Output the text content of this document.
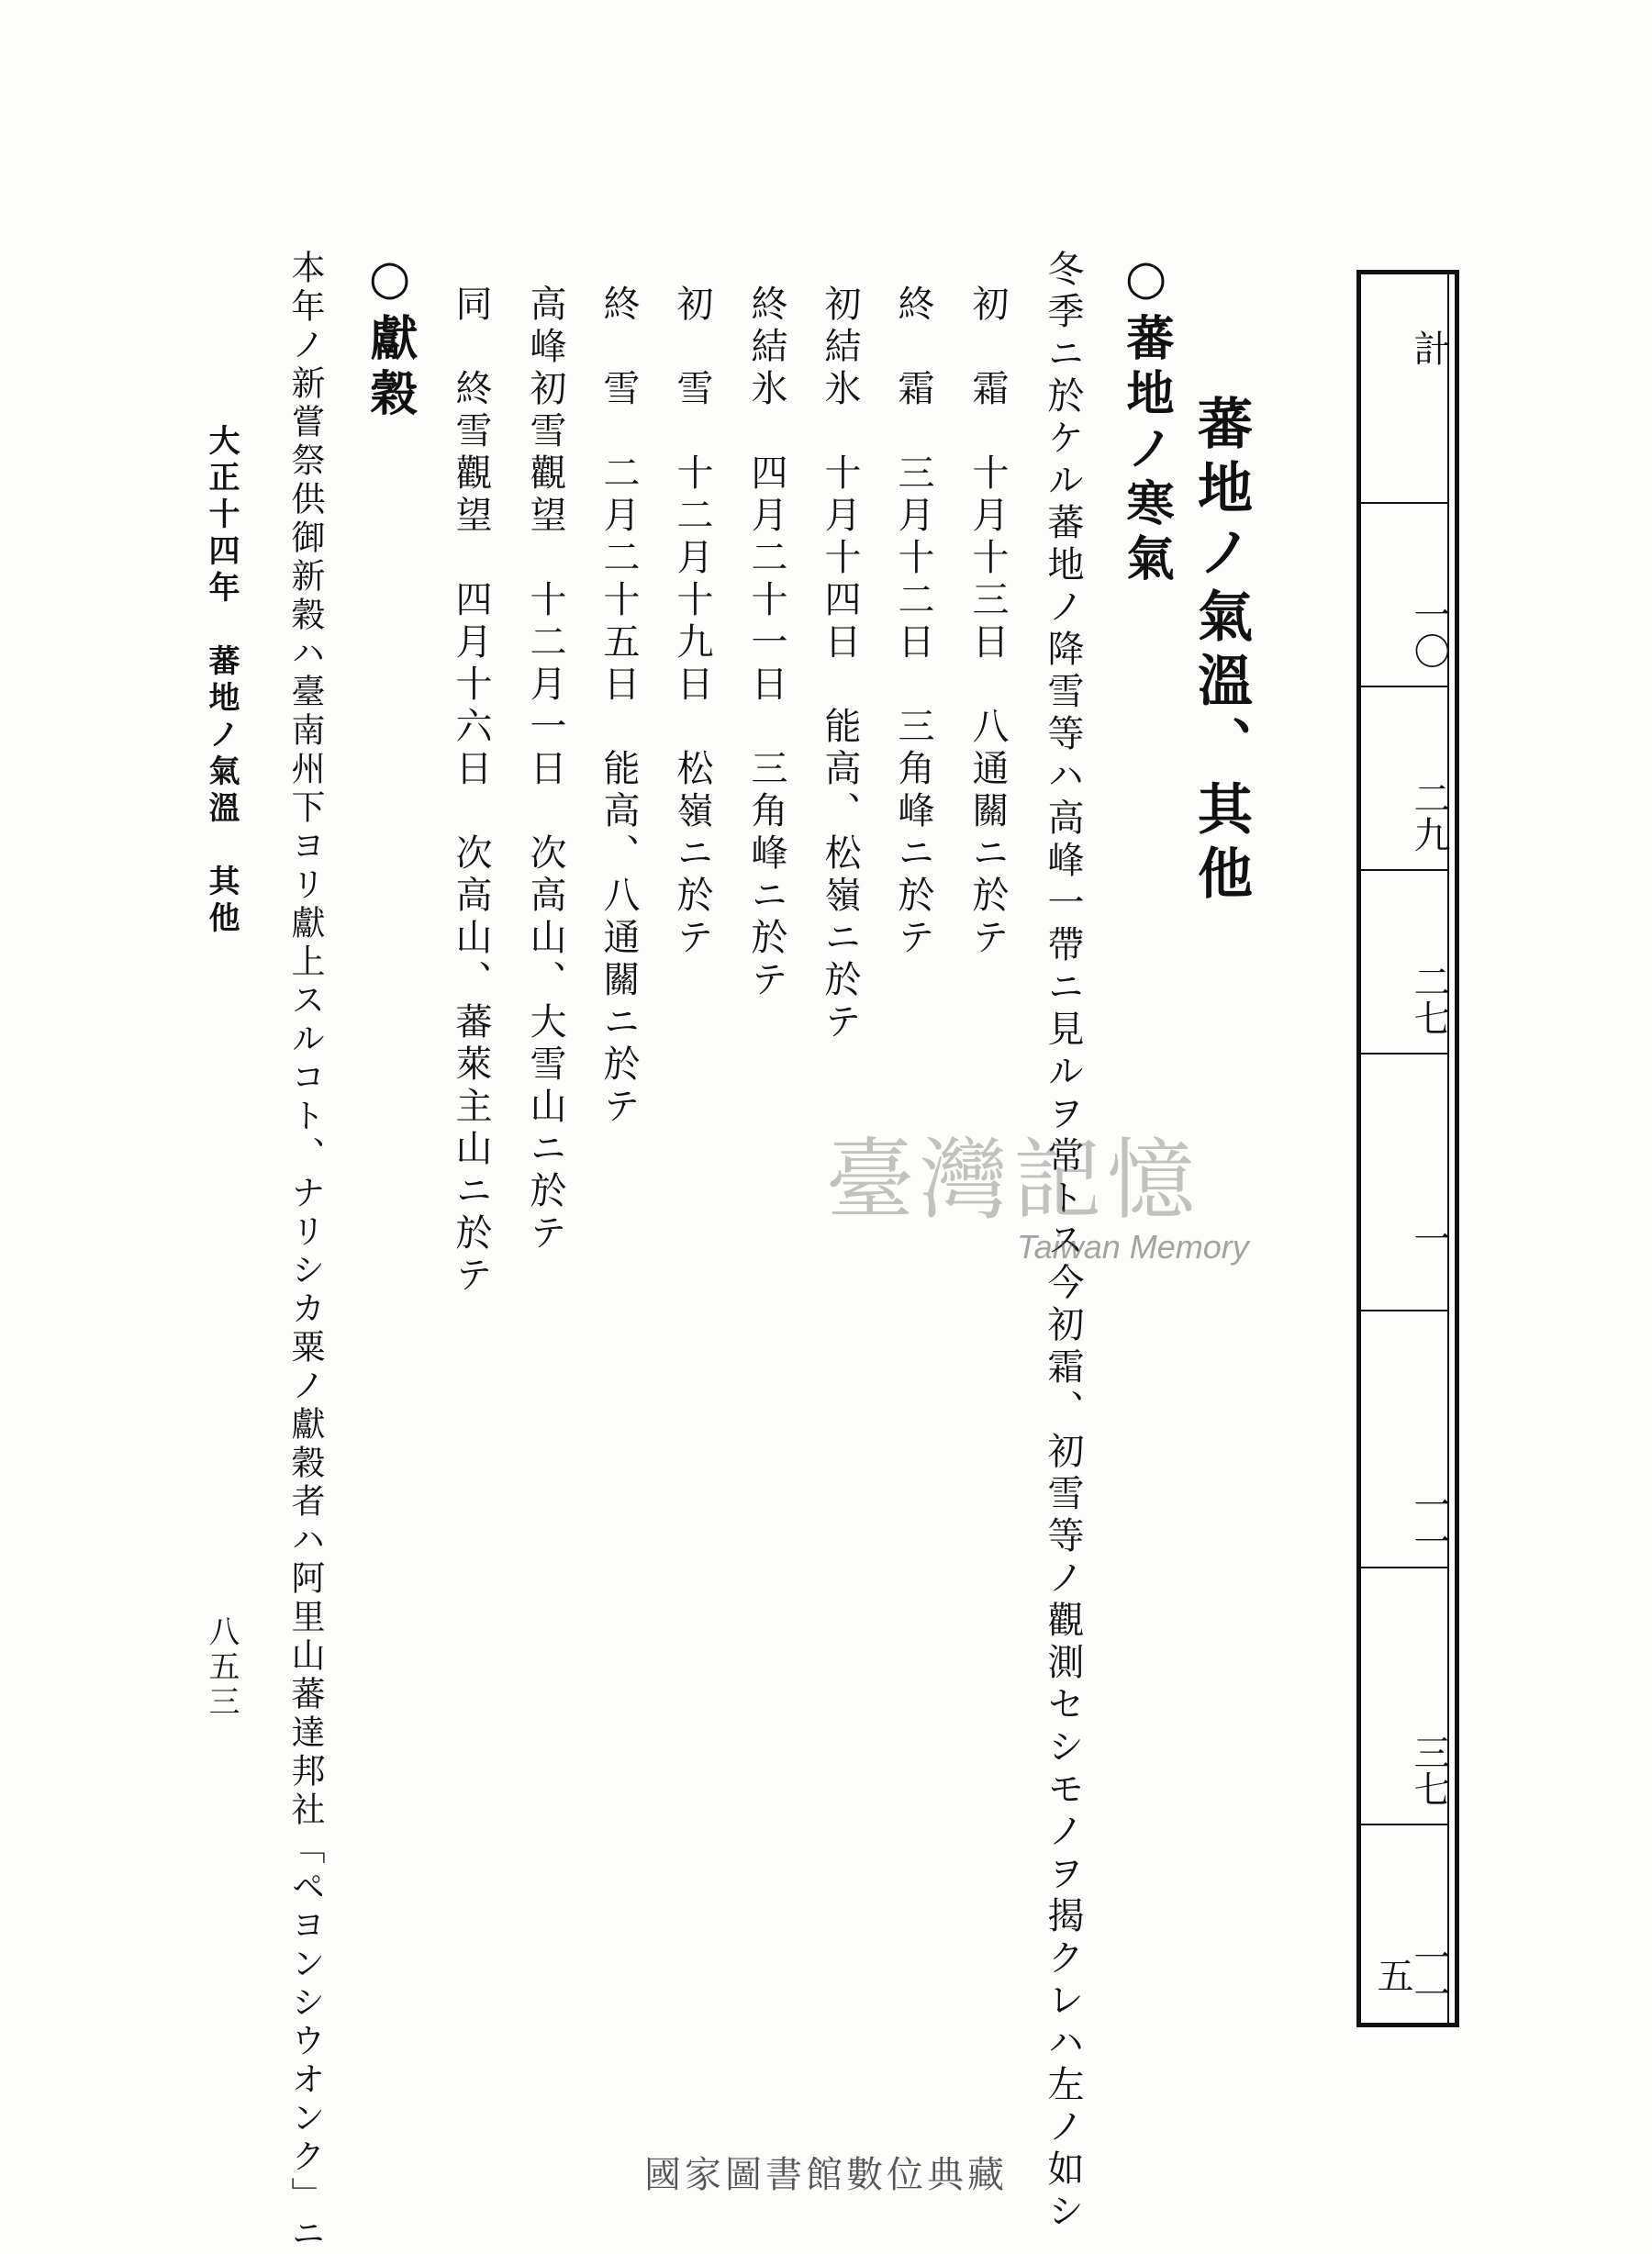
蕃地ノ氣溫、其他
計
一〇
二九
二七
一
一一
三七
一一五
○蕃地ノ寒氣
冬季ニ於ケル蕃地ノ降雪等ハ高峰一帶ニ見ルヲ常トス今初霜、初雪等ノ觀測セシモノヲ揭クレハ左ノ如シ
初　霜　十月十三日　八通關ニ於テ
終　霜　三月十二日　三角峰ニ於テ
初結氷　十月十四日　能高、松嶺ニ於テ
終結氷　四月二十一日　三角峰ニ於テ
初　雪　十二月十九日　松嶺ニ於テ
終　雪　二月二十五日　能高、八通關ニ於テ
高峰初雪觀望　十二月一日　次高山、大雪山ニ於テ
同　終雪觀望　四月十六日　次高山、蕃萊主山ニ於テ
○獻穀
本年ノ新嘗祭供御新穀ハ臺南州下ヨリ獻上スルコト、ナリシカ粟ノ獻穀者ハ阿里山蕃達邦社「ペヨンシウオンク」ニ
大正十四年　蕃地ノ氣溫　其他
八五三
臺灣記憶
Taiwan Memory
國家圖書館數位典藏
